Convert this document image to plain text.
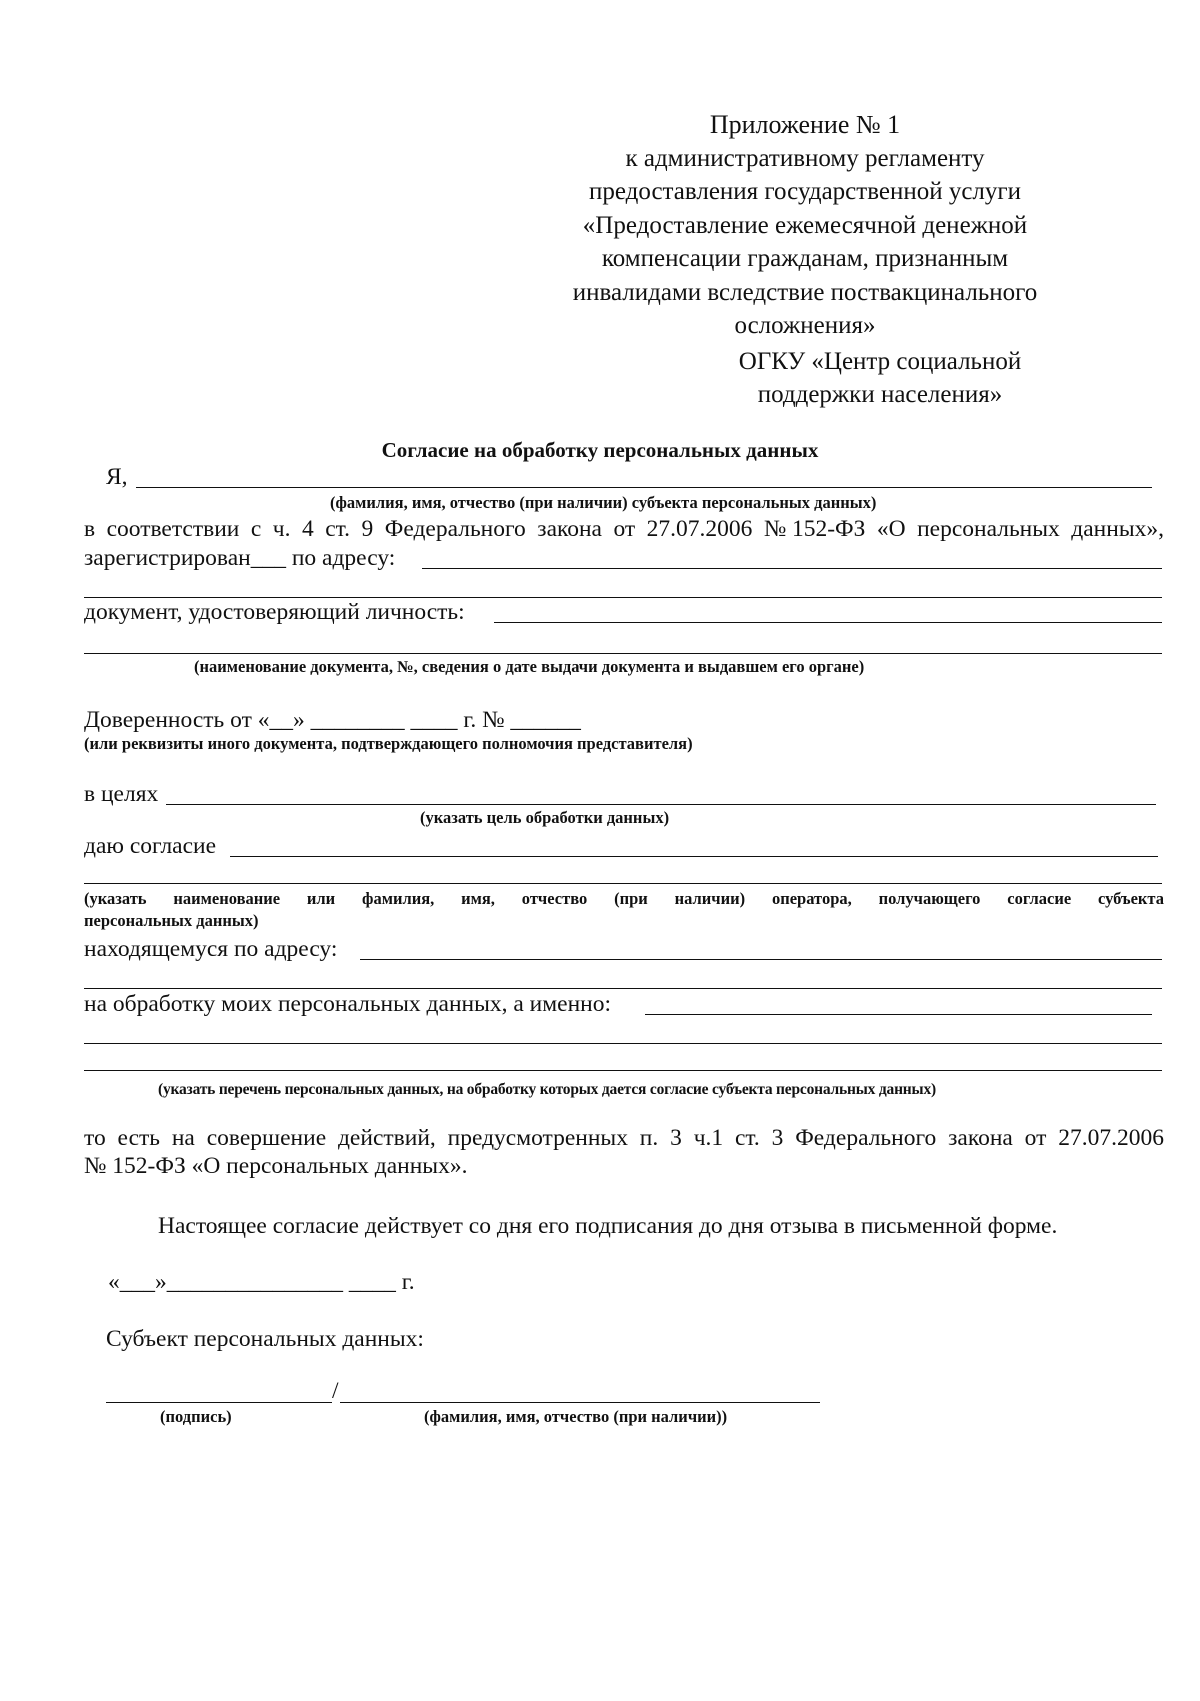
Приложение № 1
к административному регламенту
предоставления государственной услуги
«Предоставление ежемесячной денежной
компенсации гражданам, признанным
инвалидами вследствие поствакцинального
осложнения»
ОГКУ «Центр социальной
поддержки населения»
Согласие на обработку персональных данных
Я,
(фамилия, имя, отчество (при наличии) субъекта персональных данных)
в соответствии с ч. 4 ст. 9 Федерального закона от 27.07.2006 №152-ФЗ «О персональных данных»,
зарегистрирован___ по адресу:
документ, удостоверяющий личность:
(наименование документа, №, сведения о дате выдачи документа и выдавшем его органе)
Доверенность от «__» ________ ____ г. № ______
(или реквизиты иного документа, подтверждающего полномочия представителя)
в целях
(указать цель обработки данных)
даю согласие
(указать наименование или фамилия, имя, отчество (при наличии) оператора, получающего согласие субъекта
персональных данных)
находящемуся по адресу:
на обработку моих персональных данных, а именно:
(указать перечень персональных данных, на обработку которых дается согласие субъекта персональных данных)
то есть на совершение действий, предусмотренных п. 3 ч.1 ст. 3 Федерального закона от 27.07.2006
№ 152-ФЗ «О персональных данных».
Настоящее согласие действует со дня его подписания до дня отзыва в письменной форме.
«___»_______________ ____ г.
Субъект персональных данных:
/
(подпись)	(фамилия, имя, отчество (при наличии))
